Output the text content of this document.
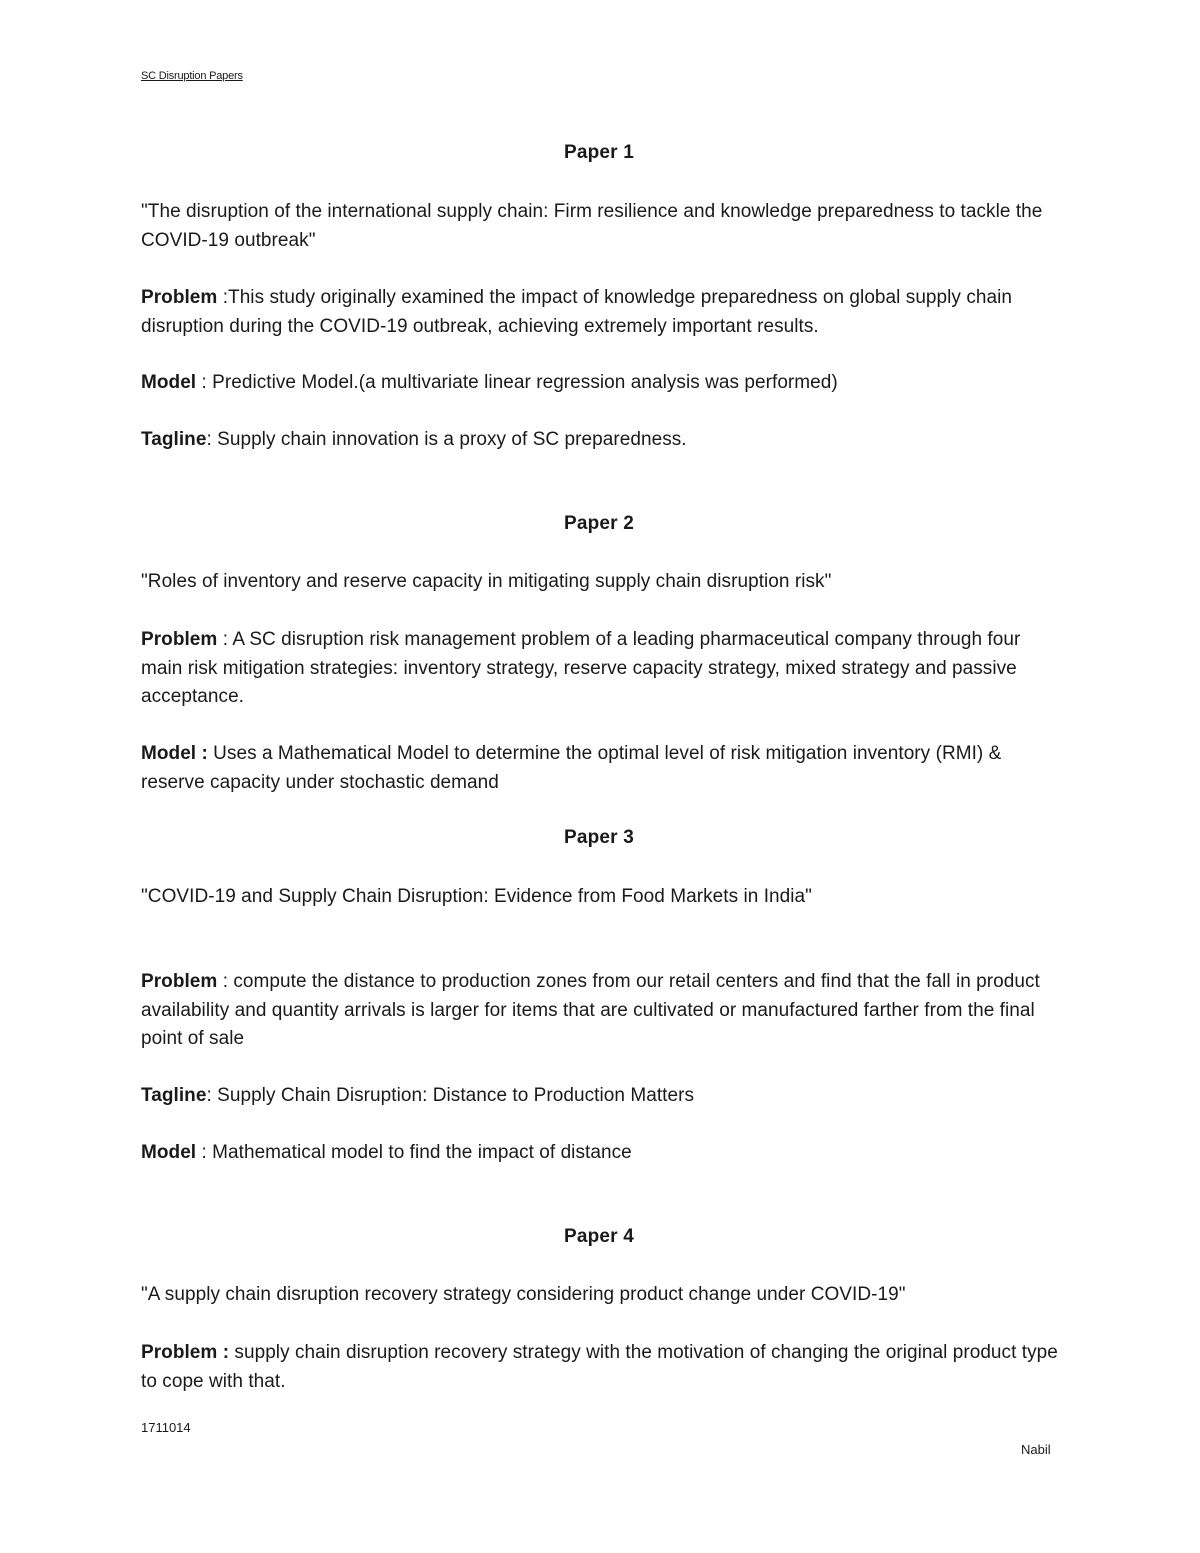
SC Disruption Papers
Paper 1
"The disruption of the international supply chain: Firm resilience and knowledge preparedness to tackle the COVID-19 outbreak"
Problem :This study originally examined the impact of knowledge preparedness on global supply chain disruption during the COVID-19 outbreak, achieving extremely important results.
Model : Predictive Model.(a multivariate linear regression analysis was performed)
Tagline: Supply chain innovation is a proxy of SC preparedness.
Paper 2
"Roles of inventory and reserve capacity in mitigating supply chain disruption risk"
Problem : A SC disruption risk management problem of a leading pharmaceutical company through four main risk mitigation strategies: inventory strategy, reserve capacity strategy, mixed strategy and passive acceptance.
Model : Uses a Mathematical Model to determine the optimal level of risk mitigation inventory (RMI) & reserve capacity under stochastic demand
Paper 3
"COVID-19 and Supply Chain Disruption: Evidence from Food Markets in India"
Problem : compute the distance to production zones from our retail centers and find that the fall in product availability and quantity arrivals is larger for items that are cultivated or manufactured farther from the final point of sale
Tagline: Supply Chain Disruption: Distance to Production Matters
Model : Mathematical model to find the impact of distance
Paper 4
"A supply chain disruption recovery strategy considering product change under COVID-19"
Problem : supply chain disruption recovery strategy with the motivation of changing the original product type to cope with that.
1711014
Nabil
